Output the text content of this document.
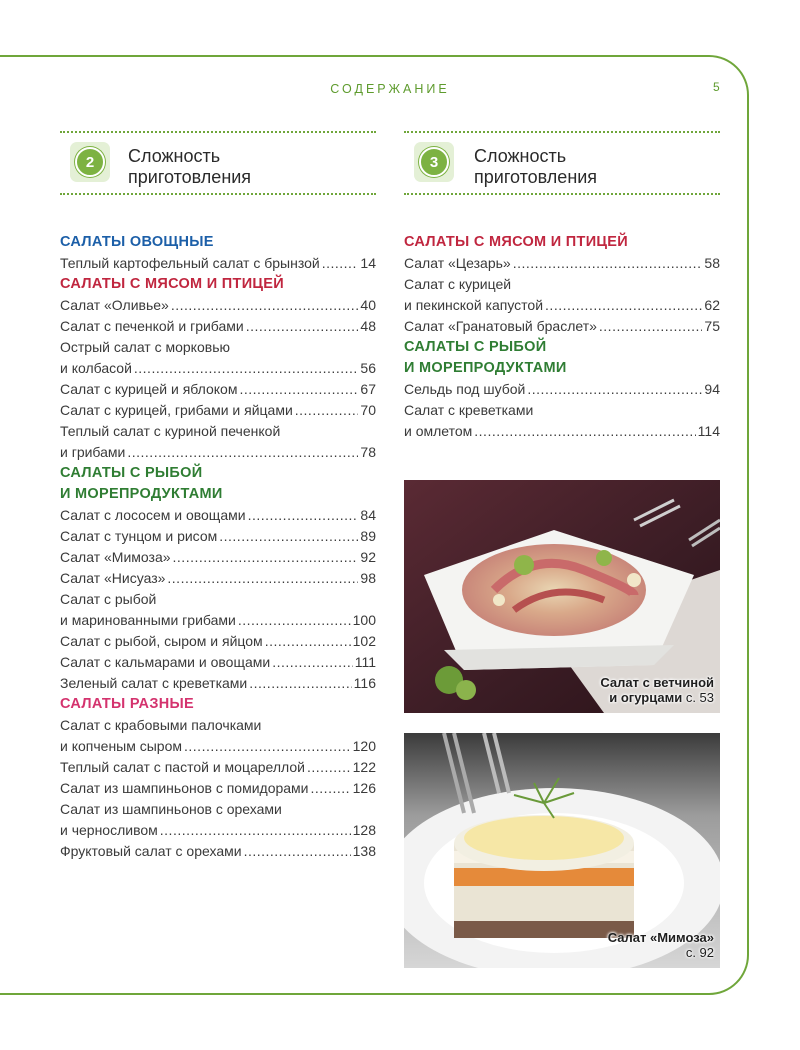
СОДЕРЖАНИЕ	5
2	Сложность
приготовления
3	Сложность
приготовления
САЛАТЫ ОВОЩНЫЕ
Теплый картофельный салат с брынзой .....	14
САЛАТЫ С МЯСОМ И ПТИЦЕЙ
Салат «Оливье» .....	40
Салат с печенкой и грибами .....	48
Острый салат с морковью
и колбасой .....	56
Салат с курицей и яблоком .....	67
Салат с курицей, грибами и яйцами .....	70
Теплый салат с куриной печенкой
и грибами .....	78
САЛАТЫ С РЫБОЙ
И МОРЕПРОДУКТАМИ
Салат с лососем и овощами .....	84
Салат с тунцом и рисом .....	89
Салат «Мимоза» .....	92
Салат «Нисуаз» .....	98
Салат с рыбой
и маринованными грибами .....	100
Салат с рыбой, сыром и яйцом .....	102
Салат с кальмарами и овощами .....	111
Зеленый салат с креветками .....	116
САЛАТЫ РАЗНЫЕ
Салат с крабовыми палочками
и копченым сыром .....	120
Теплый салат с пастой и моцареллой .....	122
Салат из шампиньонов с помидорами .....	126
Салат из шампиньонов с орехами
и черносливом .....	128
Фруктовый салат с орехами .....	138
САЛАТЫ С МЯСОМ И ПТИЦЕЙ
Салат «Цезарь» .....	58
Салат с курицей
и пекинской капустой .....	62
Салат «Гранатовый браслет» .....	75
САЛАТЫ С РЫБОЙ
И МОРЕПРОДУКТАМИ
Сельдь под шубой .....	94
Салат с креветками
и омлетом .....	114
Салат с ветчиной
и огурцами с. 53
Салат «Мимоза»
с. 92
